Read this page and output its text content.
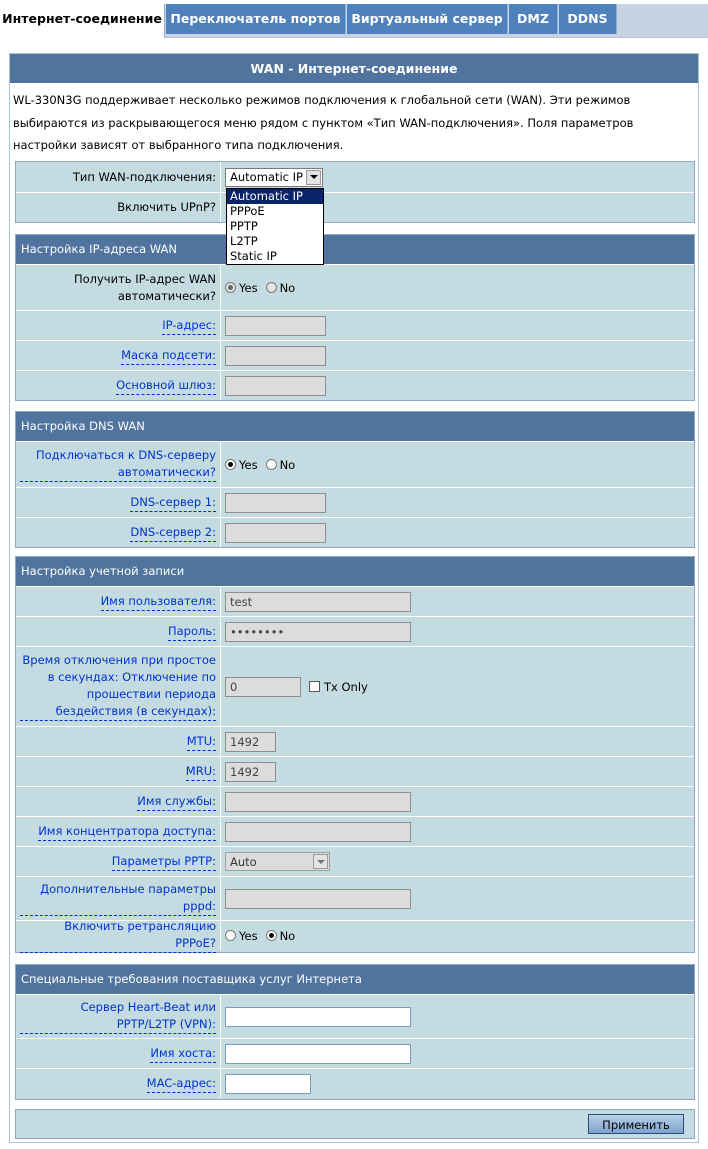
Интернет-соединение Переключатель портов Виртуальный сервер	DMZ	DDNS
WAN - Интернет-соединение
WL-330N3G поддерживает несколько режимов подключения к глобальной сети (WAN). Эти режимов выбираются из раскрывающегося меню рядом с пунктом «Тип WAN-подключения». Поля параметров настройки зависят от выбранного типа подключения.
Тип WAN-подключения: Automatic IP
Включить UPnP?
Настройка IP-адреса WAN
Получить IP-адрес WAN автоматически?
Yes No
IP-адрес:
Маска подсети:
Основной шлюз:
Настройка DNS WAN
Подключаться к DNS-серверу автоматически?
Yes No
DNS-сервер 1:
DNS-сервер 2:
Настройка учетной записи
Имя пользователя:
test
Пароль:
••••••••
Время отключения при простое в секундах: Отключение по прошествии периода бездействия (в секундах):
0
Tx Only
MTU:
1492
MRU:
1492
Имя службы:
Имя концентратора доступа:
Параметры PPTP: Auto
Дополнительные параметры pppd:
Включить ретрансляцию PPPoE?
Yes No
Специальные требования поставщика услуг Интернета
Сервер Heart-Beat или PPTP/L2TP (VPN):
Имя хоста:
MAC-адрес:
Применить
Automatic IP
PPPoE
PPTP
L2TP
Static IP
